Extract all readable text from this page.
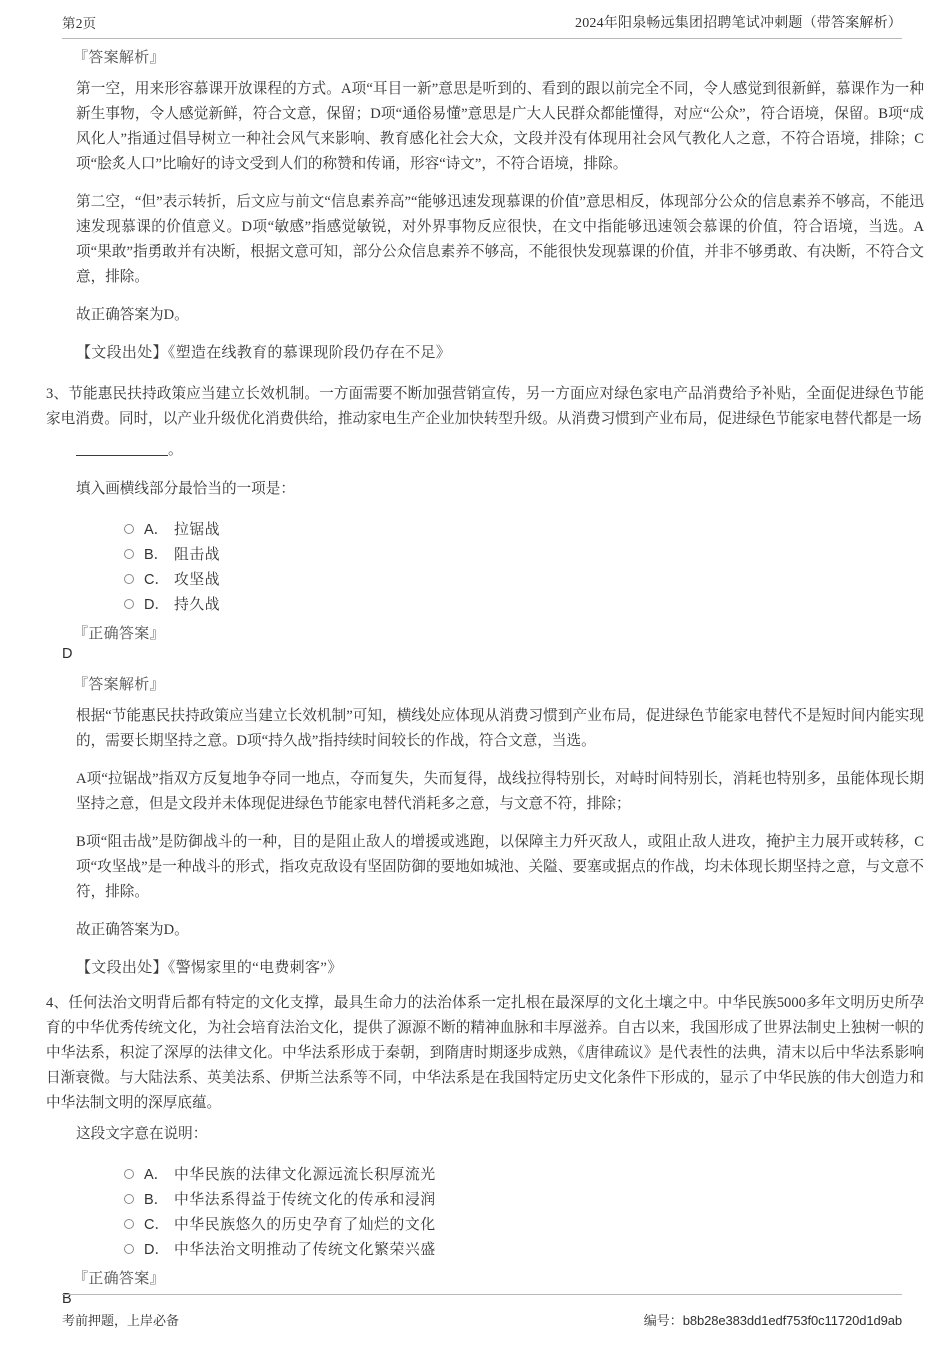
第2页	2024年阳泉畅远集团招聘笔试冲刺题（带答案解析）
『答案解析』

第一空，用来形容慕课开放课程的方式。A项“耳目一新”意思是听到的、看到的跟以前完全不同，令人感觉到很新鲜，慕课作为一种新生事物，令人感觉新鲜，符合文意，保留；D项“通俗易懂”意思是广大人民群众都能懂得，对应“公众”，符合语境，保留。B项“成风化人”指通过倡导树立一种社会风气来影响、教育感化社会大众，文段并没有体现用社会风气教化人之意，不符合语境，排除；C项“脍炙人口”比喻好的诗文受到人们的称赞和传诵，形容“诗文”，不符合语境，排除。

第二空，“但”表示转折，后文应与前文“信息素养高”“能够迅速发现慕课的价值”意思相反，体现部分公众的信息素养不够高，不能迅速发现慕课的价值意义。D项“敏感”指感觉敏锐，对外界事物反应很快，在文中指能够迅速领会慕课的价值，符合语境，当选。A项“果敢”指勇敢并有决断，根据文意可知，部分公众信息素养不够高，不能很快发现慕课的价值，并非不够勇敢、有决断，不符合文意，排除。

故正确答案为D。

【文段出处】《塑造在线教育的慕课现阶段仍存在不足》

3、节能惠民扶持政策应当建立长效机制。一方面需要不断加强营销宣传，另一方面应对绿色家电产品消费给予补贴，全面促进绿色节能家电消费。同时，以产业升级优化消费供给，推动家电生产企业加快转型升级。从消费习惯到产业布局，促进绿色节能家电替代都是一场

。

填入画横线部分最恰当的一项是：

A． 拉锯战
B． 阻击战
C． 攻坚战
D． 持久战
『正确答案』
D
『答案解析』

根据“节能惠民扶持政策应当建立长效机制”可知，横线处应体现从消费习惯到产业布局，促进绿色节能家电替代不是短时间内能实现的，需要长期坚持之意。D项“持久战”指持续时间较长的作战，符合文意，当选。

A项“拉锯战”指双方反复地争夺同一地点，夺而复失，失而复得，战线拉得特别长，对峙时间特别长，消耗也特别多，虽能体现长期坚持之意，但是文段并未体现促进绿色节能家电替代消耗多之意，与文意不符，排除；

B项“阻击战”是防御战斗的一种，目的是阻止敌人的增援或逃跑，以保障主力歼灭敌人，或阻止敌人进攻，掩护主力展开或转移，C项“攻坚战”是一种战斗的形式，指攻克敌设有坚固防御的要地如城池、关隘、要塞或据点的作战，均未体现长期坚持之意，与文意不符，排除。

故正确答案为D。

【文段出处】《警惕家里的“电费刺客”》

4、任何法治文明背后都有特定的文化支撑，最具生命力的法治体系一定扎根在最深厚的文化土壤之中。中华民族5000多年文明历史所孕育的中华优秀传统文化，为社会培育法治文化，提供了源源不断的精神血脉和丰厚滋养。自古以来，我国形成了世界法制史上独树一帜的中华法系，积淀了深厚的法律文化。中华法系形成于秦朝，到隋唐时期逐步成熟，《唐律疏议》是代表性的法典，清末以后中华法系影响日渐衰微。与大陆法系、英美法系、伊斯兰法系等不同，中华法系是在我国特定历史文化条件下形成的，显示了中华民族的伟大创造力和中华法制文明的深厚底蕴。

这段文字意在说明：

A． 中华民族的法律文化源远流长积厚流光
B． 中华法系得益于传统文化的传承和浸润
C． 中华民族悠久的历史孕育了灿烂的文化
D． 中华法治文明推动了传统文化繁荣兴盛
『正确答案』
B
考前押题，上岸必备	编号：b8b28e383dd1edf753f0c11720d1d9ab
